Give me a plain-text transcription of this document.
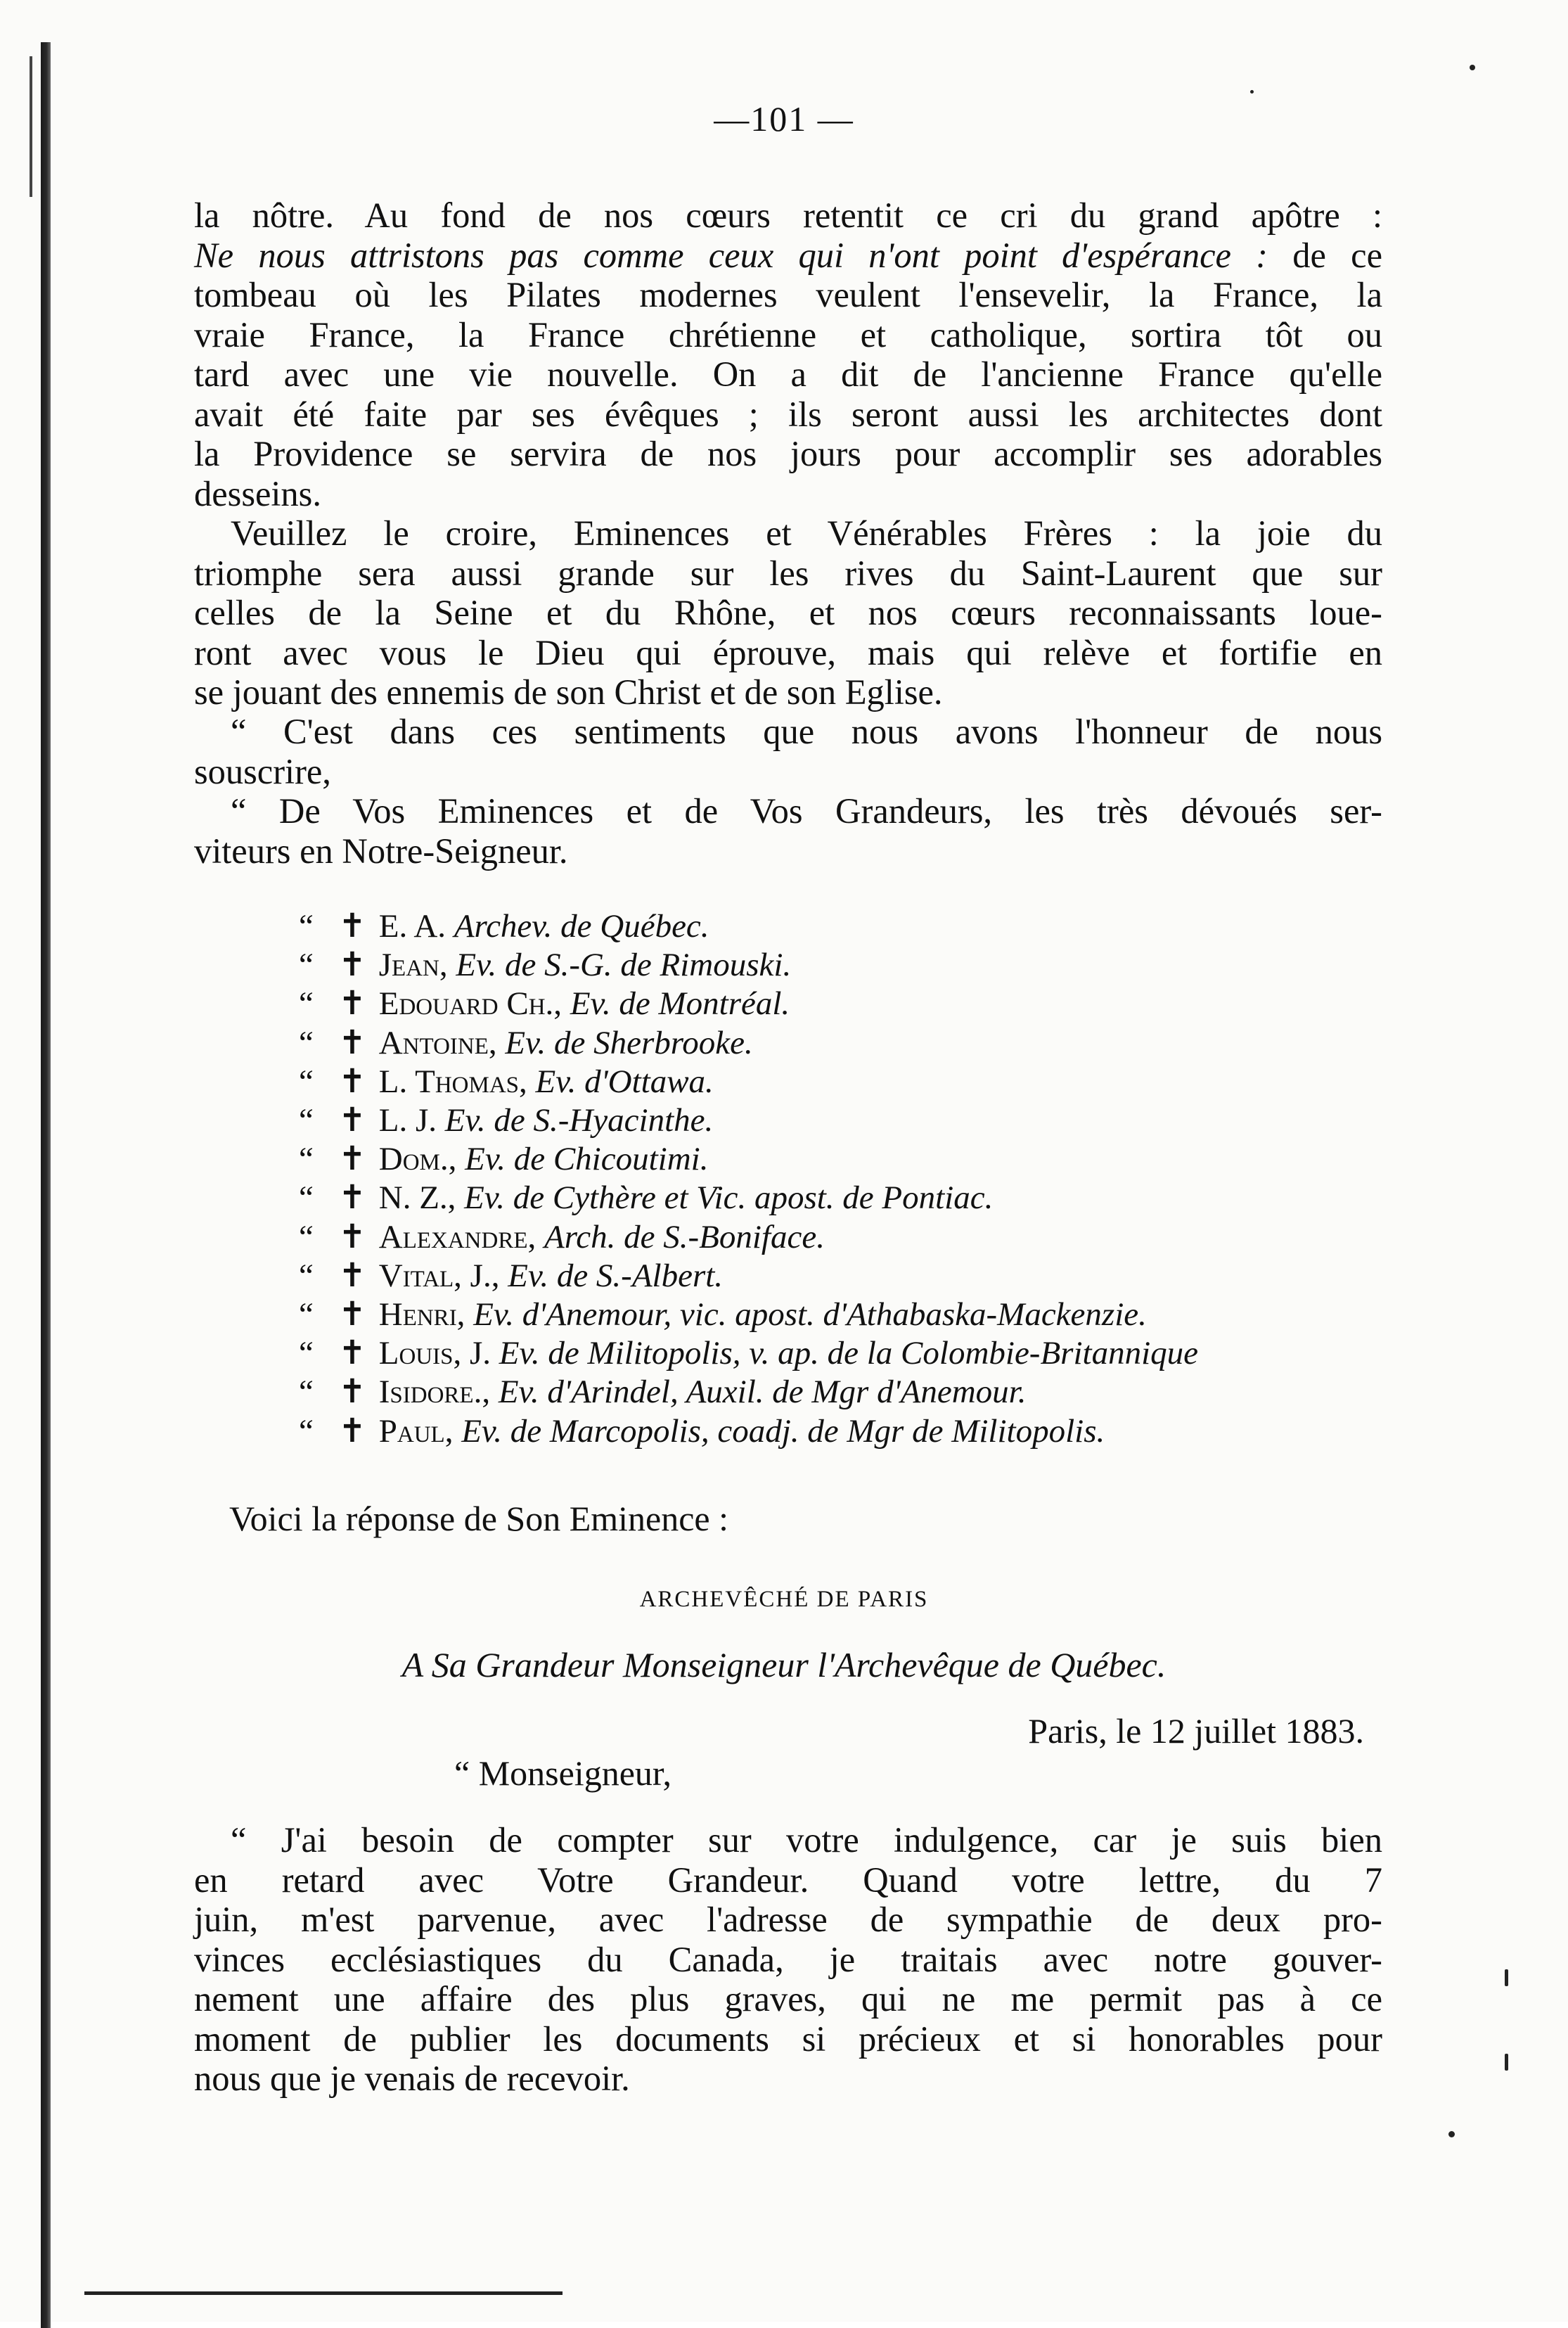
—101 —
la nôtre. Au fond de nos cœurs retentit ce cri du grand apôtre :
Ne nous attristons pas comme ceux qui n'ont point d'espérance : de ce
tombeau où les Pilates modernes veulent l'ensevelir, la France, la
vraie France, la France chrétienne et catholique, sortira tôt ou
tard avec une vie nouvelle. On a dit de l'ancienne France qu'elle
avait été faite par ses évêques ; ils seront aussi les architectes dont
la Providence se servira de nos jours pour accomplir ses adorables
desseins.
Veuillez le croire, Eminences et Vénérables Frères : la joie du
triomphe sera aussi grande sur les rives du Saint-Laurent que sur
celles de la Seine et du Rhône, et nos cœurs reconnaissants loue-
ront avec vous le Dieu qui éprouve, mais qui relève et fortifie en
se jouant des ennemis de son Christ et de son Eglise.
“ C'est dans ces sentiments que nous avons l'honneur de nous
souscrire,
“ De Vos Eminences et de Vos Grandeurs, les très dévoués ser-
viteurs en Notre-Seigneur.
“ ✝ E. A. Archev. de Québec.
“ ✝ Jean, Ev. de S.-G. de Rimouski.
“ ✝ Edouard Ch., Ev. de Montréal.
“ ✝ Antoine, Ev. de Sherbrooke.
“ ✝ L. Thomas, Ev. d'Ottawa.
“ ✝ L. J. Ev. de S.-Hyacinthe.
“ ✝ Dom., Ev. de Chicoutimi.
“ ✝ N. Z., Ev. de Cythère et Vic. apost. de Pontiac.
“ ✝ Alexandre, Arch. de S.-Boniface.
“ ✝ Vital, J., Ev. de S.-Albert.
“ ✝ Henri, Ev. d'Anemour, vic. apost. d'Athabaska-Mackenzie.
“ ✝ Louis, J. Ev. de Militopolis, v. ap. de la Colombie-Britannique
“ ✝ Isidore., Ev. d'Arindel, Auxil. de Mgr d'Anemour.
“ ✝ Paul, Ev. de Marcopolis, coadj. de Mgr de Militopolis.
Voici la réponse de Son Eminence :
ARCHEVÊCHÉ DE PARIS
A Sa Grandeur Monseigneur l'Archevêque de Québec.
Paris, le 12 juillet 1883.
“ Monseigneur,
“ J'ai besoin de compter sur votre indulgence, car je suis bien
en retard avec Votre Grandeur. Quand votre lettre, du 7
juin, m'est parvenue, avec l'adresse de sympathie de deux pro-
vinces ecclésiastiques du Canada, je traitais avec notre gouver-
nement une affaire des plus graves, qui ne me permit pas à ce
moment de publier les documents si précieux et si honorables pour
nous que je venais de recevoir.
